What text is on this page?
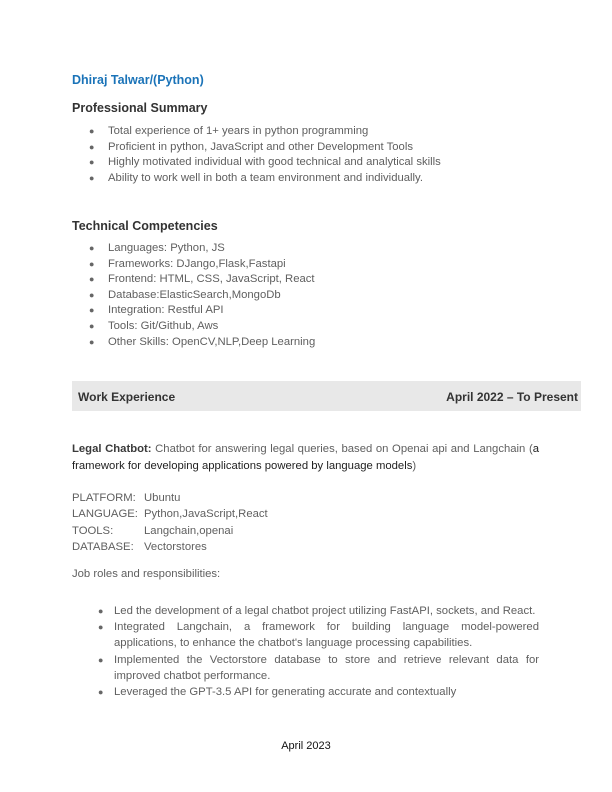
Dhiraj Talwar/(Python)
Professional Summary
● Total experience of 1+ years in python programming
● Proficient in python, JavaScript and other Development Tools
● Highly motivated individual with good technical and analytical skills
● Ability to work well in both a team environment and individually.
Technical Competencies
● Languages: Python, JS
● Frameworks: DJango,Flask,Fastapi
● Frontend: HTML, CSS, JavaScript, React
● Database:ElasticSearch,MongoDb
● Integration: Restful API
● Tools: Git/Github, Aws
● Other Skills: OpenCV,NLP,Deep Learning
Work Experience	April 2022 – To Present
Legal Chatbot: Chatbot for answering legal queries, based on Openai api and Langchain (a framework for developing applications powered by language models)
PLATFORM: Ubuntu
LANGUAGE: Python,JavaScript,React
TOOLS:	Langchain,openai
DATABASE: Vectorstores
Job roles and responsibilities:
● Led the development of a legal chatbot project utilizing FastAPI, sockets, and React.
● Integrated Langchain, a framework for building language model-powered applications, to enhance the chatbot's language processing capabilities.
● Implemented the Vectorstore database to store and retrieve relevant data for improved chatbot performance.
● Leveraged the GPT-3.5 API for generating accurate and contextually
April 2023
